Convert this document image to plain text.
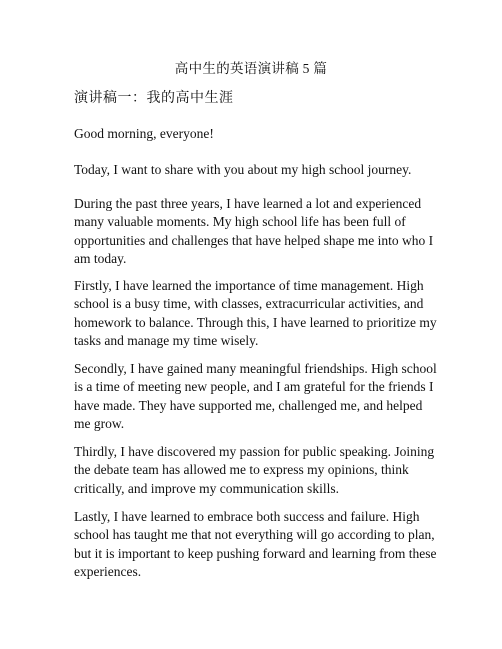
高中生的英语演讲稿 5 篇
演讲稿一：我的高中生涯
Good morning, everyone!
Today, I want to share with you about my high school journey.
During the past three years, I have learned a lot and experienced
many valuable moments. My high school life has been full of
opportunities and challenges that have helped shape me into who I
am today.
Firstly, I have learned the importance of time management. High
school is a busy time, with classes, extracurricular activities, and
homework to balance. Through this, I have learned to prioritize my
tasks and manage my time wisely.
Secondly, I have gained many meaningful friendships. High school
is a time of meeting new people, and I am grateful for the friends I
have made. They have supported me, challenged me, and helped
me grow.
Thirdly, I have discovered my passion for public speaking. Joining
the debate team has allowed me to express my opinions, think
critically, and improve my communication skills.
Lastly, I have learned to embrace both success and failure. High
school has taught me that not everything will go according to plan,
but it is important to keep pushing forward and learning from these
experiences.
